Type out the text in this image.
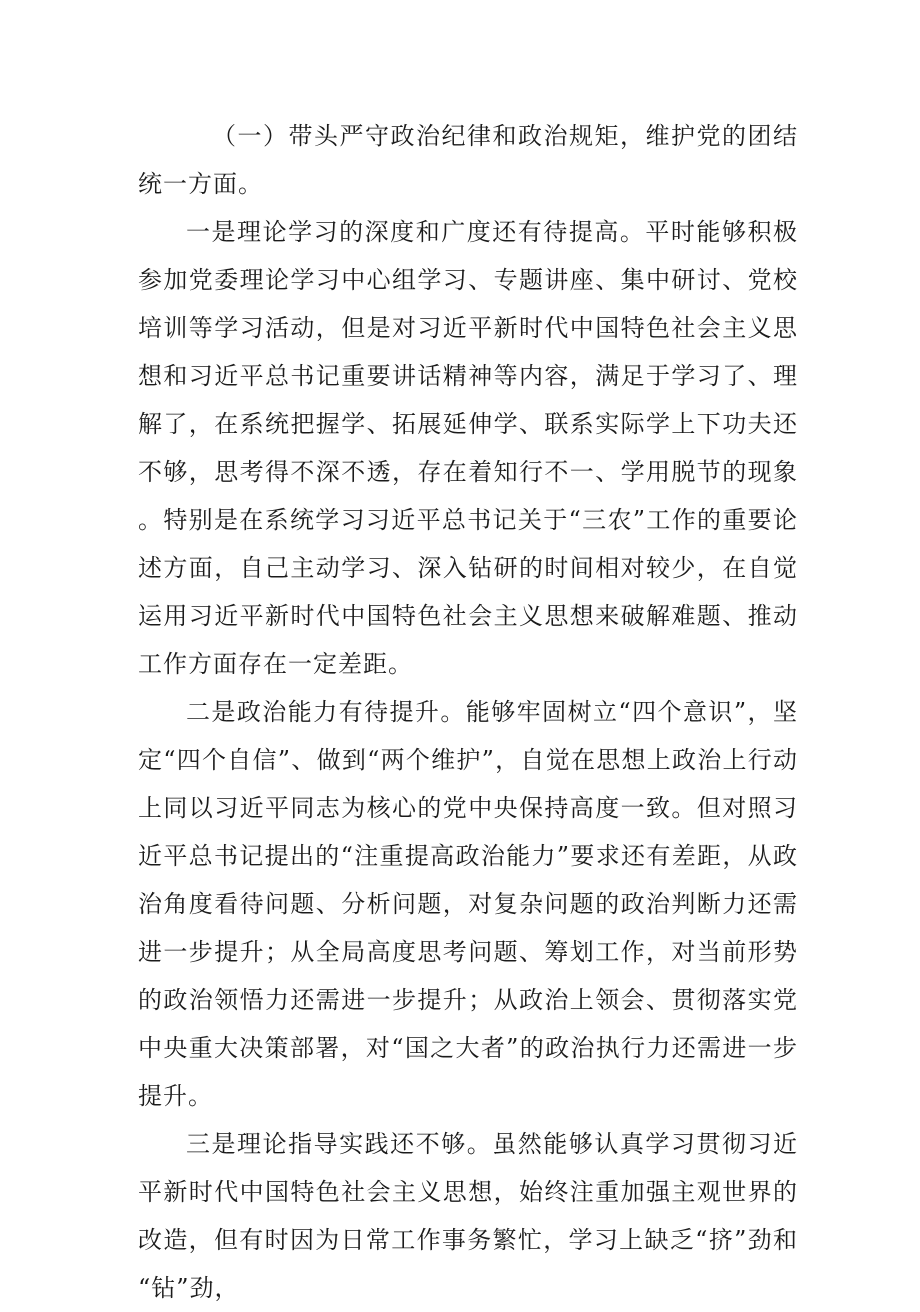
（一）带头严守政治纪律和政治规矩，维护党的团结统一方面。

一是理论学习的深度和广度还有待提高。平时能够积极参加党委理论学习中心组学习、专题讲座、集中研讨、党校培训等学习活动，但是对习近平新时代中国特色社会主义思想和习近平总书记重要讲话精神等内容，满足于学习了、理解了，在系统把握学、拓展延伸学、联系实际学上下功夫还不够，思考得不深不透，存在着知行不一、学用脱节的现象。特别是在系统学习习近平总书记关于“三农”工作的重要论述方面，自己主动学习、深入钻研的时间相对较少，在自觉运用习近平新时代中国特色社会主义思想来破解难题、推动工作方面存在一定差距。

二是政治能力有待提升。能够牢固树立“四个意识”，坚定“四个自信”、做到“两个维护”，自觉在思想上政治上行动上同以习近平同志为核心的党中央保持高度一致。但对照习近平总书记提出的“注重提高政治能力”要求还有差距，从政治角度看待问题、分析问题，对复杂问题的政治判断力还需进一步提升；从全局高度思考问题、筹划工作，对当前形势的政治领悟力还需进一步提升；从政治上领会、贯彻落实党中央重大决策部署，对“国之大者”的政治执行力还需进一步提升。

三是理论指导实践还不够。虽然能够认真学习贯彻习近平新时代中国特色社会主义思想，始终注重加强主观世界的改造，但有时因为日常工作事务繁忙，学习上缺乏“挤”劲和“钻”劲，
